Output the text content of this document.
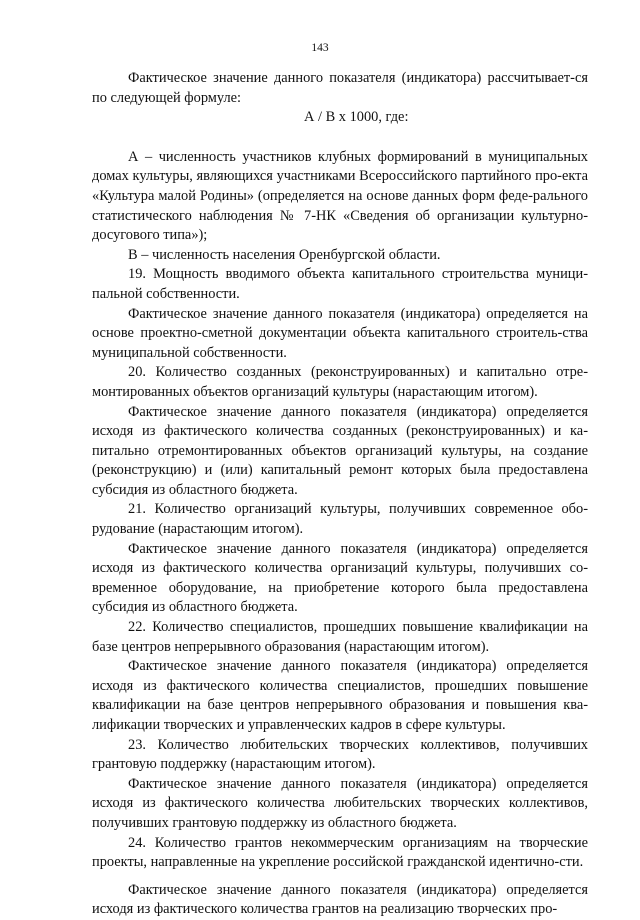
143

Фактическое значение данного показателя (индикатора) рассчитывает-ся по следующей формуле:

А / В х 1000, где:

А – численность участников клубных формирований в муниципальных домах культуры, являющихся участниками Всероссийского партийного про-екта «Культура малой Родины» (определяется на основе данных форм феде-рального статистического наблюдения № 7-НК «Сведения об организации культурно-досугового типа»);

В – численность населения Оренбургской области.

19. Мощность вводимого объекта капитального строительства муници-пальной собственности.

Фактическое значение данного показателя (индикатора) определяется на основе проектно-сметной документации объекта капитального строитель-ства муниципальной собственности.

20. Количество созданных (реконструированных) и капитально отре-монтированных объектов организаций культуры (нарастающим итогом).

Фактическое значение данного показателя (индикатора) определяется исходя из фактического количества созданных (реконструированных) и ка-питально отремонтированных объектов организаций культуры, на создание (реконструкцию) и (или) капитальный ремонт которых была предоставлена субсидия из областного бюджета.

21. Количество организаций культуры, получивших современное обо-рудование (нарастающим итогом).

Фактическое значение данного показателя (индикатора) определяется исходя из фактического количества организаций культуры, получивших со-временное оборудование, на приобретение которого была предоставлена субсидия из областного бюджета.

22. Количество специалистов, прошедших повышение квалификации на базе центров непрерывного образования (нарастающим итогом).

Фактическое значение данного показателя (индикатора) определяется исходя из фактического количества специалистов, прошедших повышение квалификации на базе центров непрерывного образования и повышения ква-лификации творческих и управленческих кадров в сфере культуры.

23. Количество любительских творческих коллективов, получивших грантовую поддержку (нарастающим итогом).

Фактическое значение данного показателя (индикатора) определяется исходя из фактического количества любительских творческих коллективов, получивших грантовую поддержку из областного бюджета.

24. Количество грантов некоммерческим организациям на творческие проекты, направленные на укрепление российской гражданской идентично-сти.

Фактическое значение данного показателя (индикатора) определяется исходя из фактического количества грантов на реализацию творческих про-
